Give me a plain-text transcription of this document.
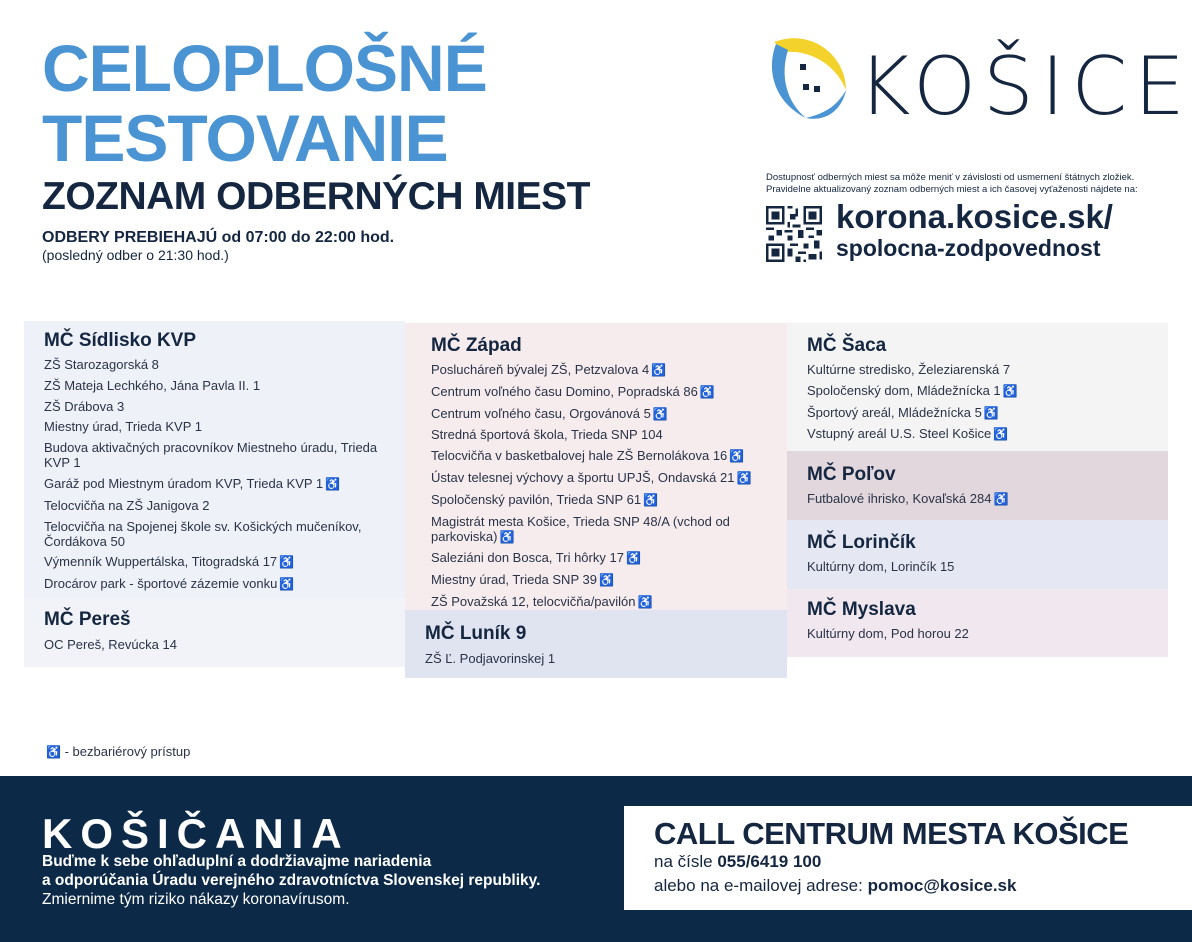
CELOPLOŠNÉ
TESTOVANIE
ZOZNAM ODBERNÝCH MIEST
ODBERY PREBIEHAJÚ od 07:00 do 22:00 hod.
(posledný odber o 21:30 hod.)
KOŠICE
Dostupnosť odberných miest sa môže meniť v závislosti od usmernení štátnych zložiek.
Pravidelne aktualizovaný zoznam odberných miest a ich časovej vyťaženosti nájdete na:
korona.kosice.sk/
spolocna-zodpovednost
MČ Sídlisko KVP
ZŠ Starozagorská 8
ZŠ Mateja Lechkého, Jána Pavla II. 1
ZŠ Drábova 3
Miestny úrad, Trieda KVP 1
Budova aktivačných pracovníkov Miestneho úradu, Trieda KVP 1
Garáž pod Miestnym úradom KVP, Trieda KVP 1 ♿
Telocvičňa na ZŠ Janigova 2
Telocvičňa na Spojenej škole sv. Košických mučeníkov, Čordákova 50
Výmenník Wuppertálska, Titogradská 17 ♿
Drocárov park - športové zázemie vonku ♿
MČ Pereš
OC Pereš, Revúcka 14
MČ Západ
Poslucháreň bývalej ZŠ, Petzvalova 4 ♿
Centrum voľného času Domino, Popradská 86 ♿
Centrum voľného času, Orgovánová 5 ♿
Stredná športová škola, Trieda SNP 104
Telocvičňa v basketbalovej hale ZŠ Bernolákova 16 ♿
Ústav telesnej výchovy a športu UPJŠ, Ondavská 21 ♿
Spoločenský pavilón, Trieda SNP 61 ♿
Magistrát mesta Košice, Trieda SNP 48/A (vchod od parkoviska) ♿
Saleziáni don Bosca, Tri hôrky 17 ♿
Miestny úrad, Trieda SNP 39 ♿
ZŠ Považská 12, telocvičňa/pavilón ♿
MČ Luník 9
ZŠ Ľ. Podjavorinskej 1
MČ Šaca
Kultúrne stredisko, Železiarenská 7
Spoločenský dom, Mládežnícka 1 ♿
Športový areál, Mládežnícka 5 ♿
Vstupný areál U.S. Steel Košice ♿
MČ Poľov
Futbalové ihrisko, Kovaľská 284 ♿
MČ Lorinčík
Kultúrny dom, Lorinčík 15
MČ Myslava
Kultúrny dom, Pod horou 22
♿ - bezbariérový prístup
KOŠIČANIA
Buďme k sebe ohľaduplní a dodržiavajme nariadenia
a odporúčania Úradu verejného zdravotníctva Slovenskej republiky.
Zmiernime tým riziko nákazy koronavírusom.
CALL CENTRUM MESTA KOŠICE
na čísle 055/6419 100
alebo na e-mailovej adrese: pomoc@kosice.sk
